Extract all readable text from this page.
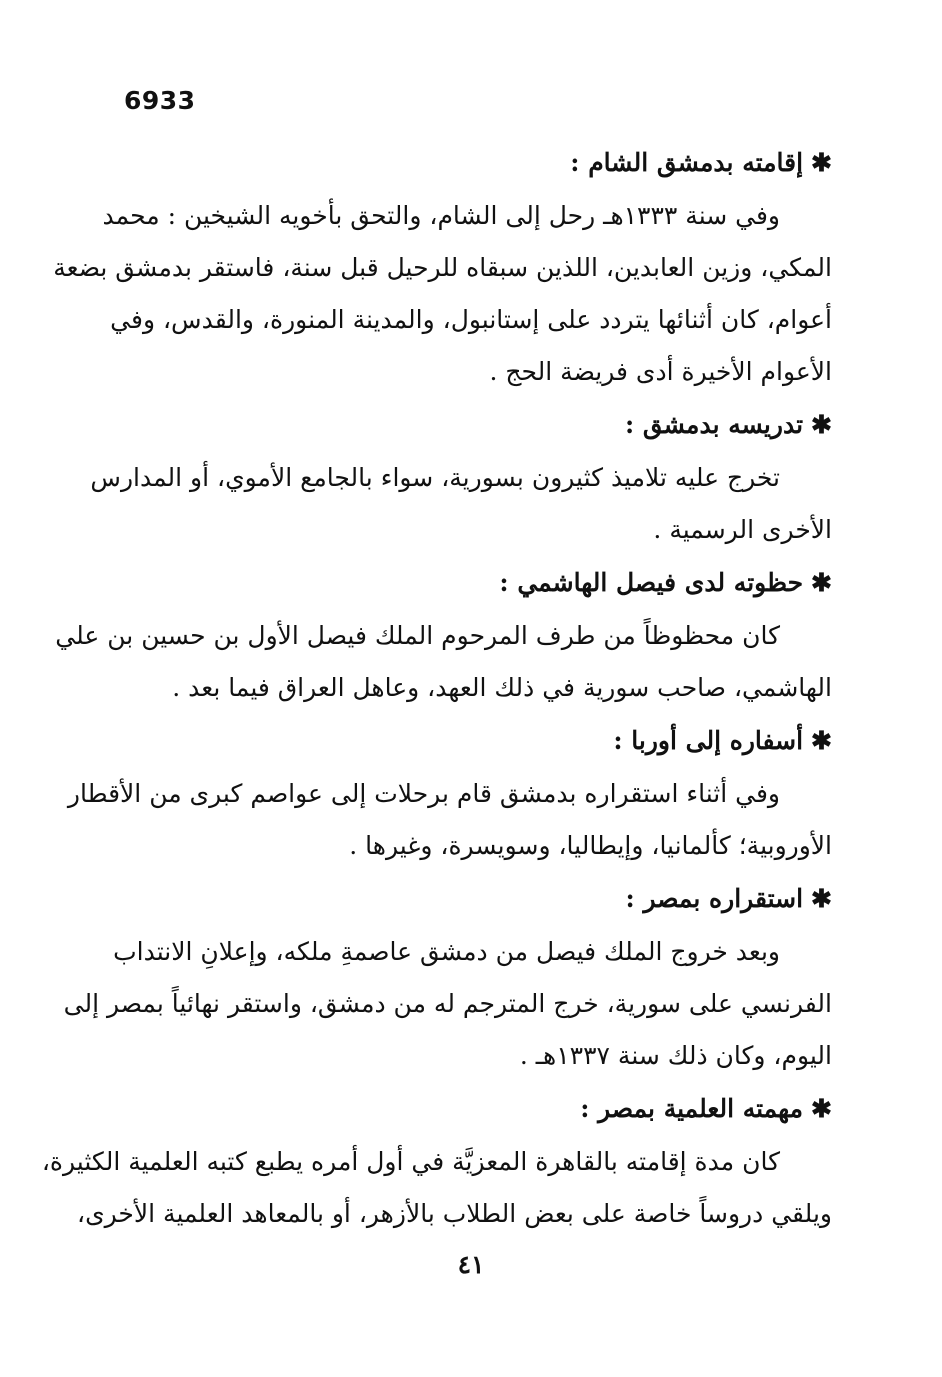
6933
✱إقامته بدمشق الشام :
وفي سنة ١٣٣٣هـ رحل إلى الشام، والتحق بأخويه الشيخين : محمد
المكي، وزين العابدين، اللذين سبقاه للرحيل قبل سنة، فاستقر بدمشق بضعة
أعوام، كان أثنائها يتردد على إستانبول، والمدينة المنورة، والقدس، وفي
الأعوام الأخيرة أدى فريضة الحج .
✱تدريسه بدمشق :
تخرج عليه تلاميذ كثيرون بسورية، سواء بالجامع الأموي، أو المدارس
الأخرى الرسمية .
✱حظوته لدى فيصل الهاشمي :
كان محظوظاً من طرف المرحوم الملك فيصل الأول بن حسين بن علي
الهاشمي، صاحب سورية في ذلك العهد، وعاهل العراق فيما بعد .
✱أسفاره إلى أوربا :
وفي أثناء استقراره بدمشق قام برحلات إلى عواصم كبرى من الأقطار
الأوروبية؛ كألمانيا، وإيطاليا، وسويسرة، وغيرها .
✱استقراره بمصر :
وبعد خروج الملك فيصل من دمشق عاصمةِ ملكه، وإعلانِ الانتداب
الفرنسي على سورية، خرج المترجم له من دمشق، واستقر نهائياً بمصر إلى
اليوم، وكان ذلك سنة ١٣٣٧هـ .
✱مهمته العلمية بمصر :
كان مدة إقامته بالقاهرة المعزيَّة في أول أمره يطبع كتبه العلمية الكثيرة،
ويلقي دروساً خاصة على بعض الطلاب بالأزهر، أو بالمعاهد العلمية الأخرى،
٤١
